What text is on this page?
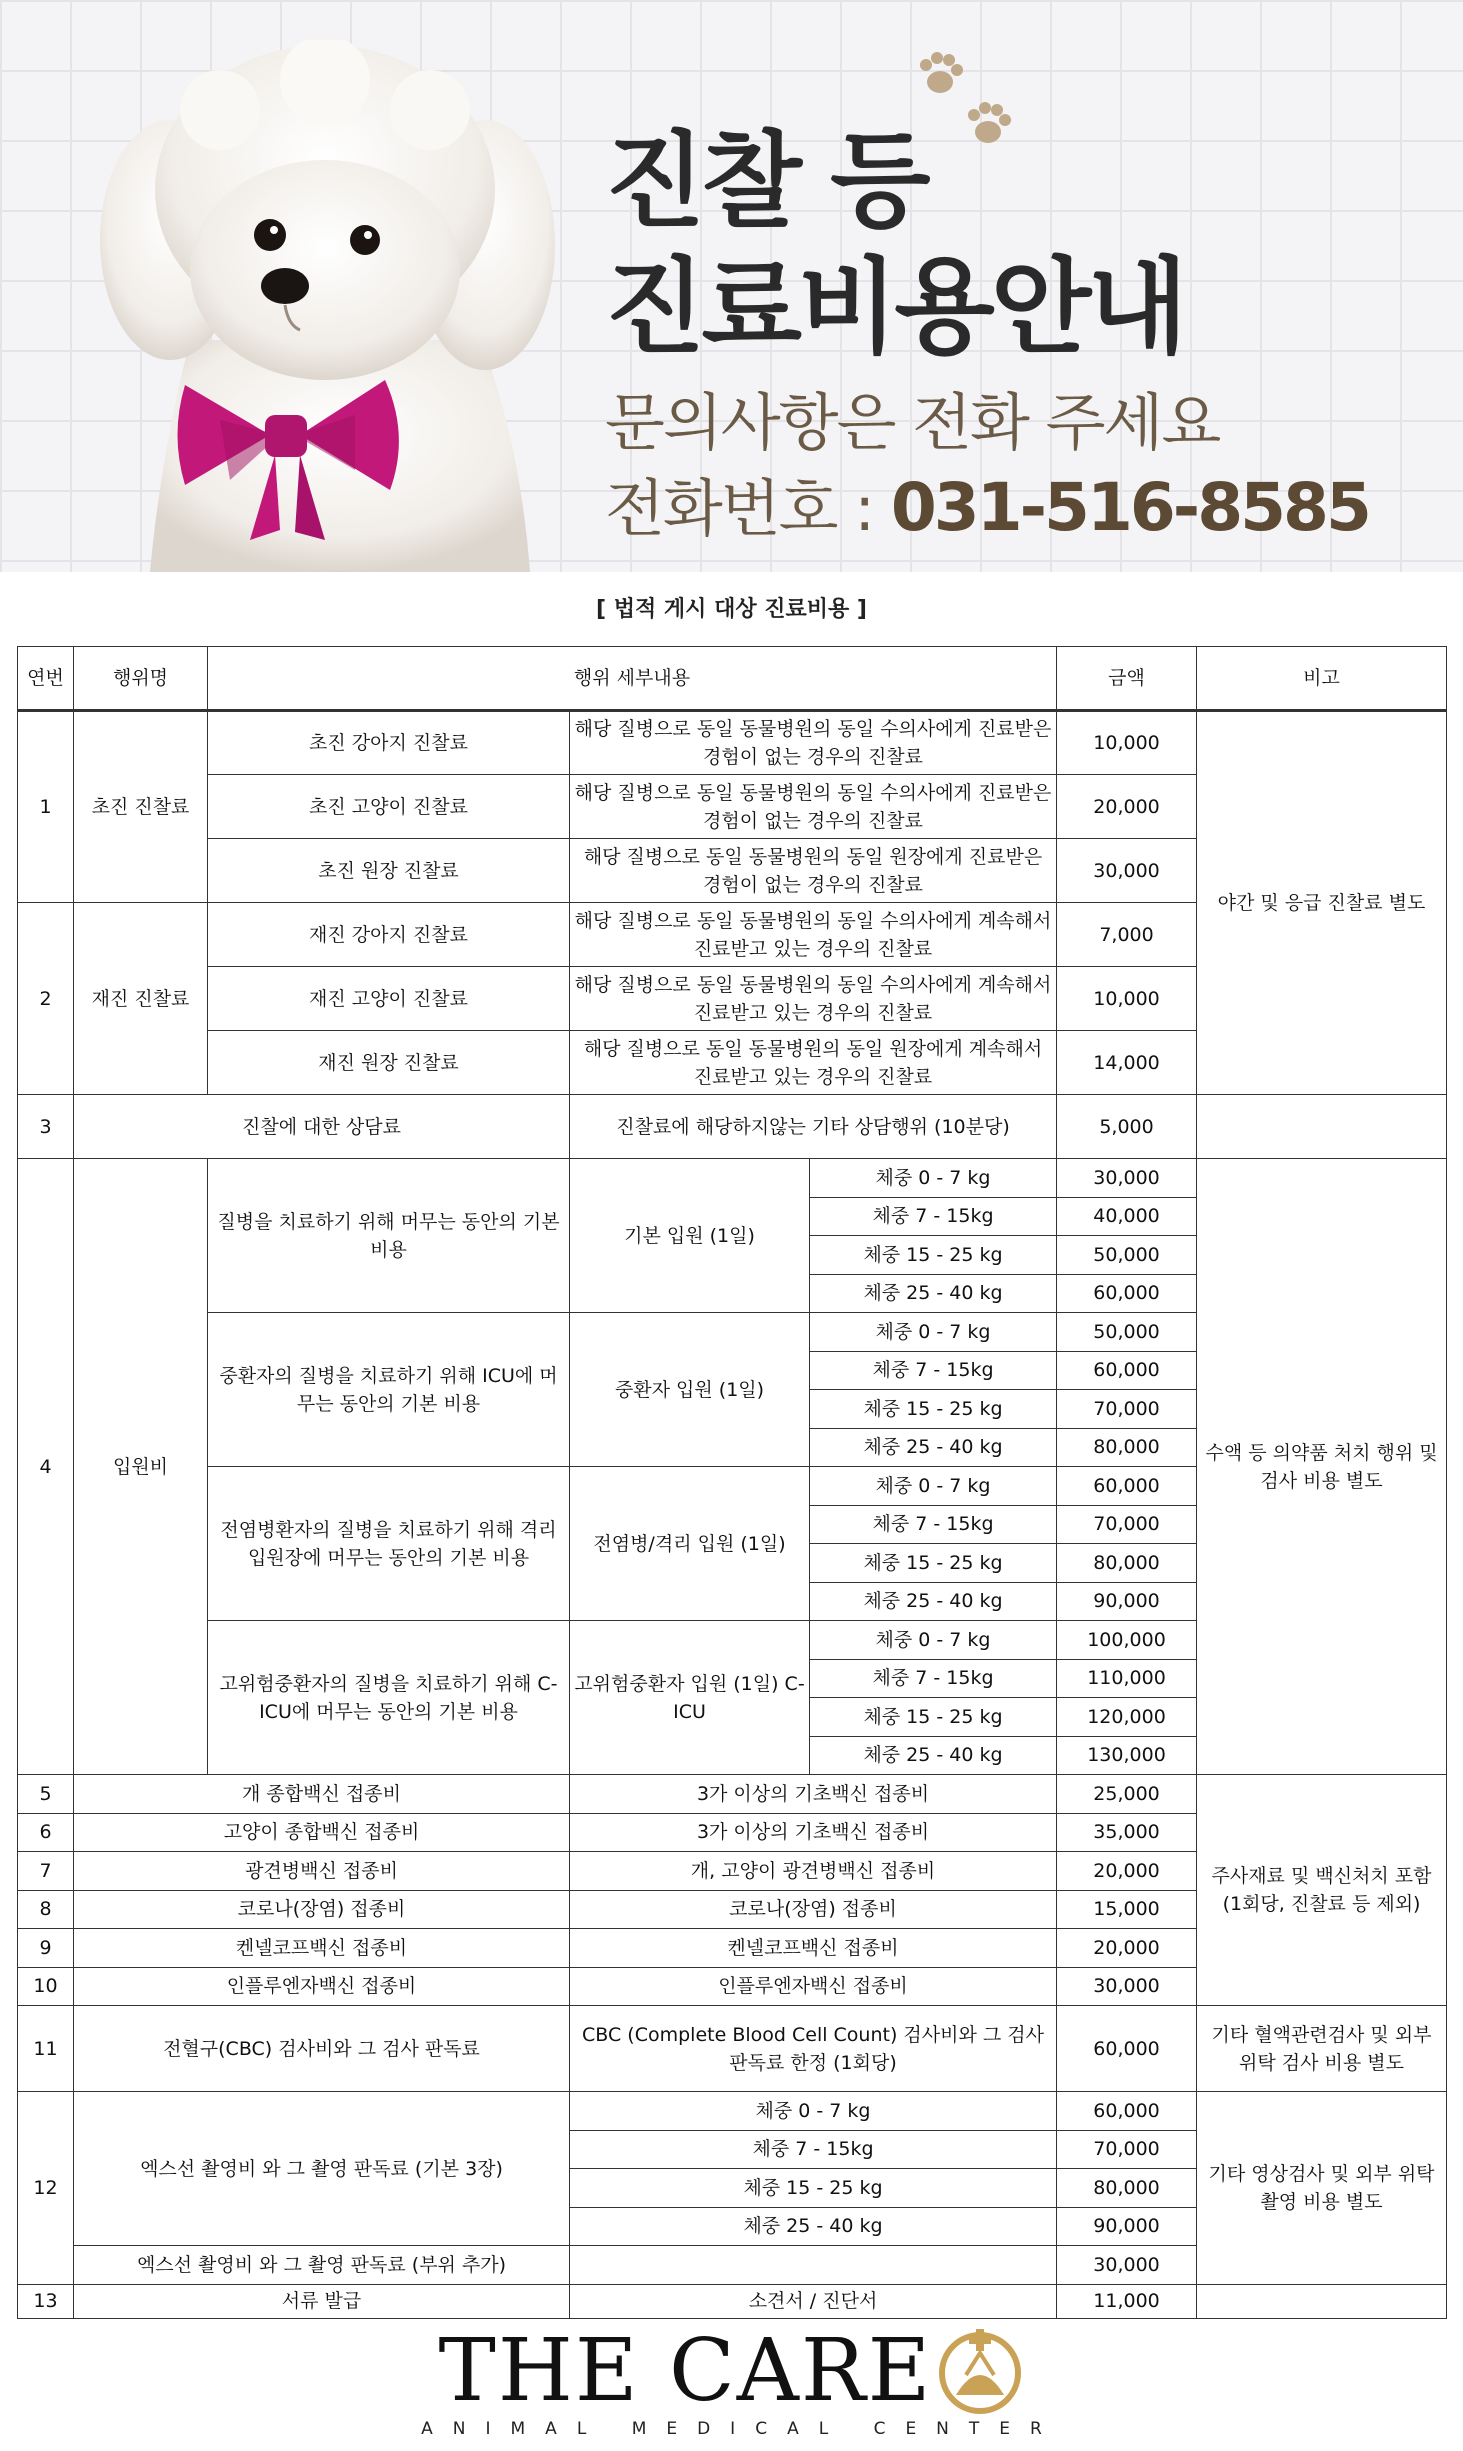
진찰 등
진료비용안내
문의사항은 전화 주세요
전화번호 : 031-516-8585
[ 법적 게시 대상 진료비용 ]
연번	행위명	행위 세부내용			금액	비고
1	초진 진찰료	초진 강아지 진찰료	해당 질병으로 동일 동물병원의 동일 수의사에게 진료받은 경험이 없는 경우의 진찰료		10,000	야간 및 응급 진찰료 별도
		초진 고양이 진찰료	해당 질병으로 동일 동물병원의 동일 수의사에게 진료받은 경험이 없는 경우의 진찰료		20,000	
		초진 원장 진찰료	해당 질병으로 동일 동물병원의 동일 원장에게 진료받은 경험이 없는 경우의 진찰료		30,000	
2	재진 진찰료	재진 강아지 진찰료	해당 질병으로 동일 동물병원의 동일 수의사에게 계속해서 진료받고 있는 경우의 진찰료		7,000	
		재진 고양이 진찰료	해당 질병으로 동일 동물병원의 동일 수의사에게 계속해서 진료받고 있는 경우의 진찰료		10,000	
		재진 원장 진찰료	해당 질병으로 동일 동물병원의 동일 원장에게 계속해서 진료받고 있는 경우의 진찰료		14,000	
3	진찰에 대한 상담료		진찰료에 해당하지않는 기타 상담행위 (10분당)		5,000	
4	입원비	질병을 치료하기 위해 머무는 동안의 기본 비용	기본 입원 (1일)	체중 0 - 7 kg	30,000	수액 등 의약품 처치 행위 및 검사 비용 별도
				체중 7 - 15kg	40,000	
				체중 15 - 25 kg	50,000	
				체중 25 - 40 kg	60,000	
		중환자의 질병을 치료하기 위해 ICU에 머무는 동안의 기본 비용	중환자 입원 (1일)	체중 0 - 7 kg	50,000	
				체중 7 - 15kg	60,000	
				체중 15 - 25 kg	70,000	
				체중 25 - 40 kg	80,000	
		전염병환자의 질병을 치료하기 위해 격리입원장에 머무는 동안의 기본 비용	전염병/격리 입원 (1일)	체중 0 - 7 kg	60,000	
				체중 7 - 15kg	70,000	
				체중 15 - 25 kg	80,000	
				체중 25 - 40 kg	90,000	
		고위험중환자의 질병을 치료하기 위해 C-ICU에 머무는 동안의 기본 비용	고위험중환자 입원 (1일) C-ICU	체중 0 - 7 kg	100,000	
				체중 7 - 15kg	110,000	
				체중 15 - 25 kg	120,000	
				체중 25 - 40 kg	130,000	
5	개 종합백신 접종비		3가 이상의 기초백신 접종비		25,000	주사재료 및 백신처치 포함 (1회당, 진찰료 등 제외)
6	고양이 종합백신 접종비		3가 이상의 기초백신 접종비		35,000	
7	광견병백신 접종비		개, 고양이 광견병백신 접종비		20,000	
8	코로나(장염) 접종비		코로나(장염) 접종비		15,000	
9	켄넬코프백신 접종비		켄넬코프백신 접종비		20,000	
10	인플루엔자백신 접종비		인플루엔자백신 접종비		30,000	
11	전혈구(CBC) 검사비와 그 검사 판독료		CBC (Complete Blood Cell Count) 검사비와 그 검사 판독료 한정 (1회당)		60,000	기타 혈액관련검사 및 외부 위탁 검사 비용 별도
12	엑스선 촬영비 와 그 촬영 판독료 (기본 3장)		체중 0 - 7 kg		60,000	기타 영상검사 및 외부 위탁 촬영 비용 별도
			체중 7 - 15kg		70,000	
			체중 15 - 25 kg		80,000	
			체중 25 - 40 kg		90,000	
	엑스선 촬영비 와 그 촬영 판독료 (부위 추가)				30,000	
13	서류 발급		소견서 / 진단서		11,000	
THE CARE
ANIMAL MEDICAL CENTER
